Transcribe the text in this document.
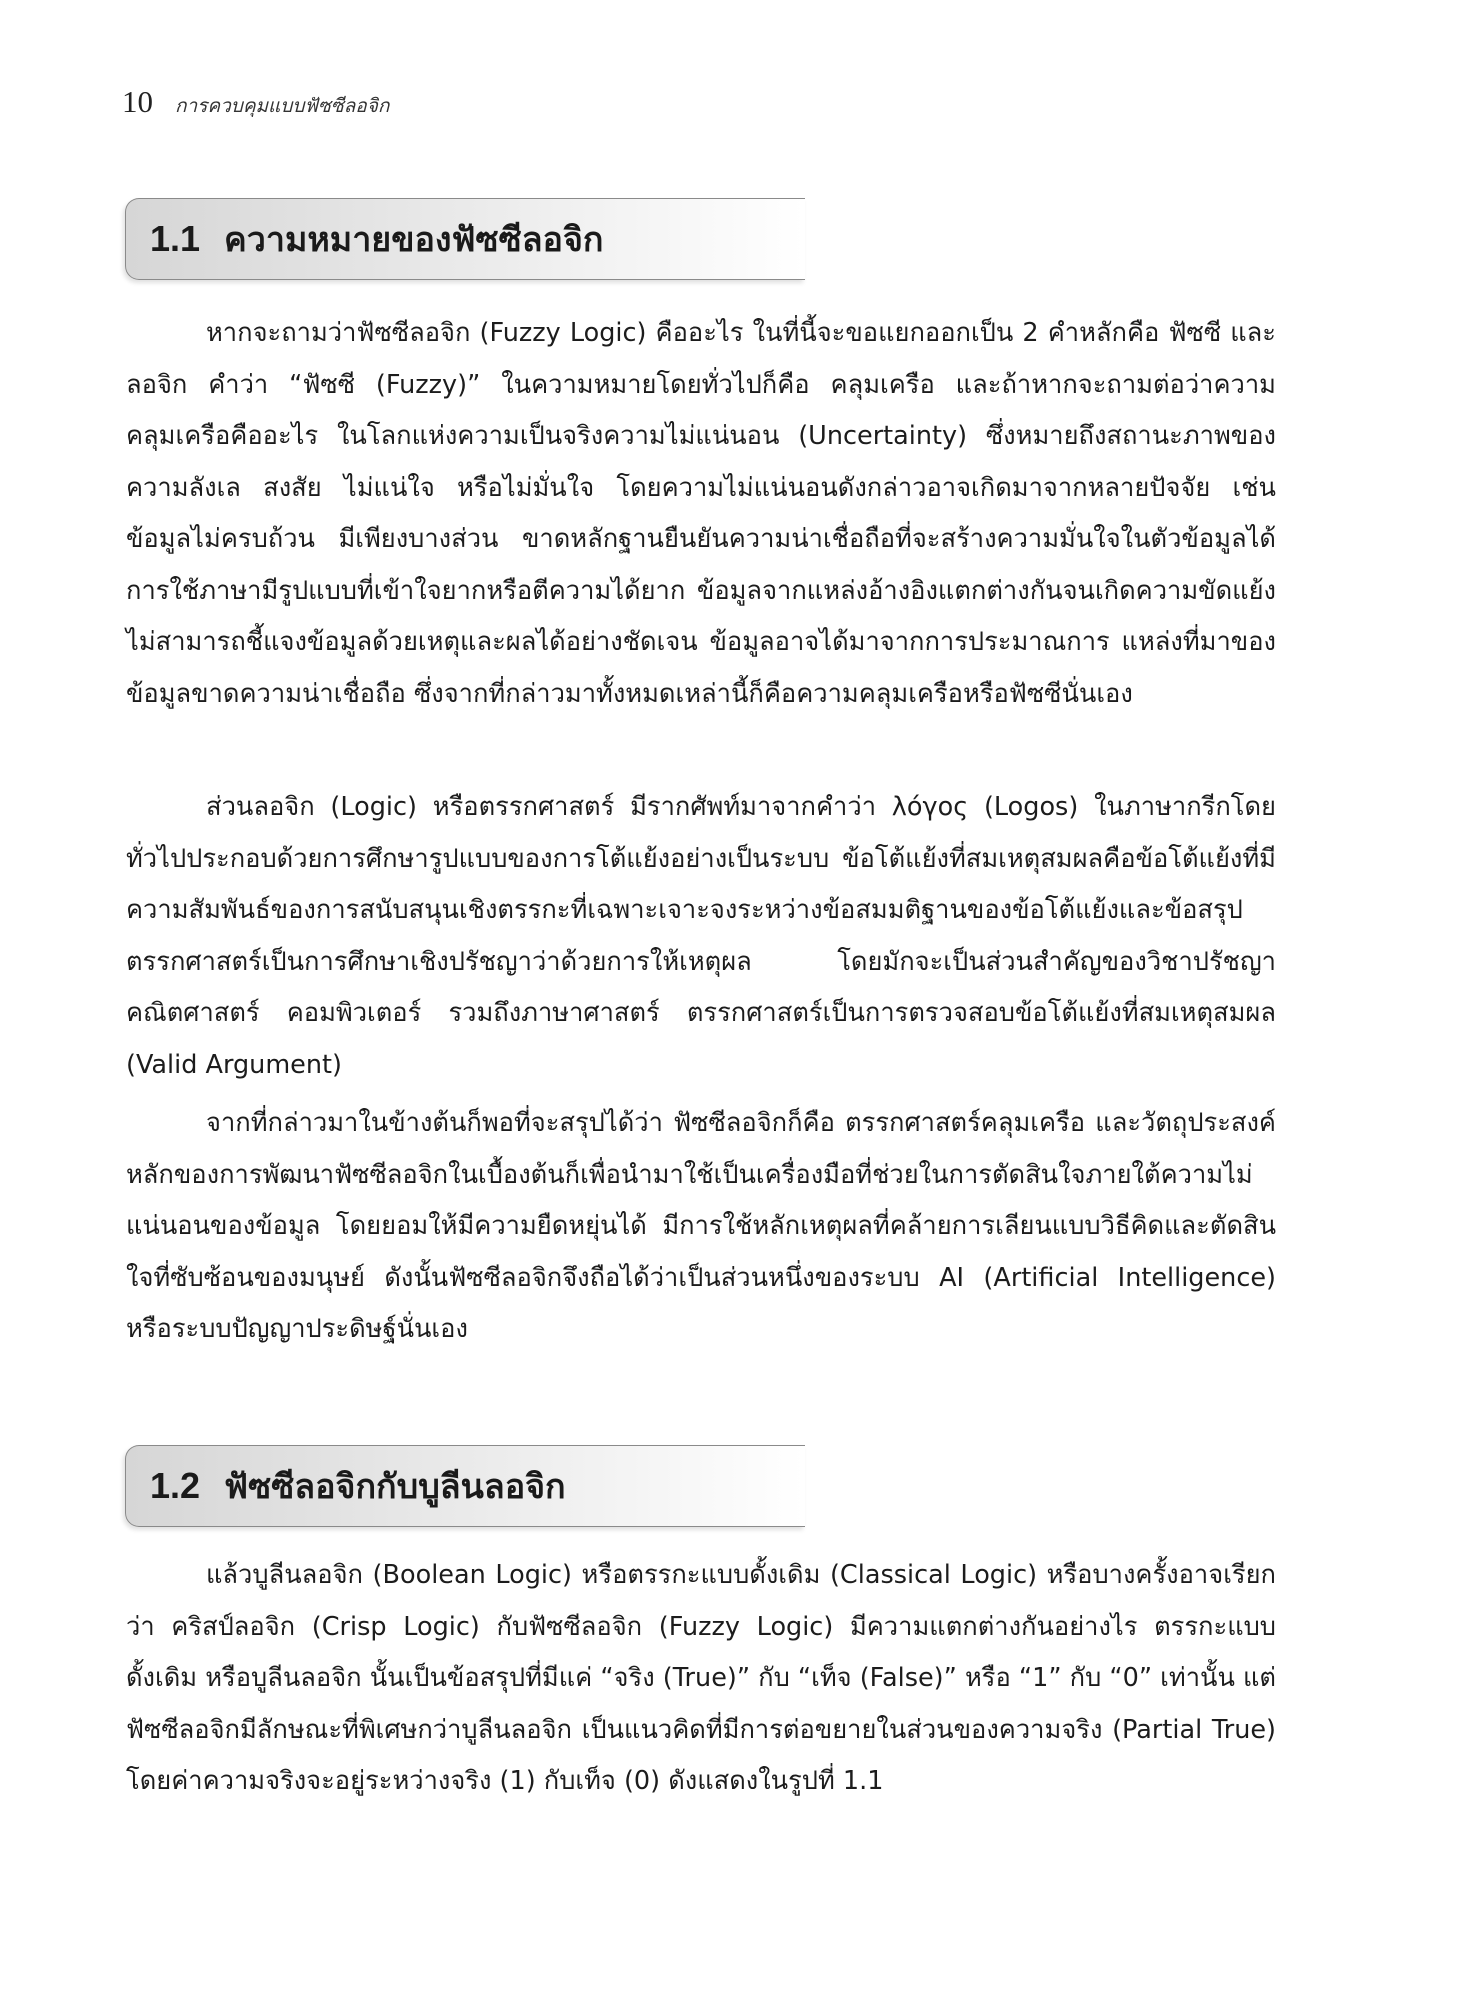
10 การควบคุมแบบฟัซซีลอจิก
1.1 ความหมายของฟัซซีลอจิก

หากจะถามว่าฟัซซีลอจิก (Fuzzy Logic) คืออะไร ในที่นี้จะขอแยกออกเป็น 2 คำหลักคือ ฟัซซี และลอจิก คำว่า “ฟัซซี (Fuzzy)” ในความหมายโดยทั่วไปก็คือ คลุมเครือ และถ้าหากจะถามต่อว่าความคลุมเครือคืออะไร ในโลกแห่งความเป็นจริงความไม่แน่นอน (Uncertainty) ซึ่งหมายถึงสถานะภาพของความลังเล สงสัย ไม่แน่ใจ หรือไม่มั่นใจ โดยความไม่แน่นอนดังกล่าวอาจเกิดมาจากหลายปัจจัย เช่น ข้อมูลไม่ครบถ้วน มีเพียงบางส่วน ขาดหลักฐานยืนยันความน่าเชื่อถือที่จะสร้างความมั่นใจในตัวข้อมูลได้ การใช้ภาษามีรูปแบบที่เข้าใจยากหรือตีความได้ยาก ข้อมูลจากแหล่งอ้างอิงแตกต่างกันจนเกิดความขัดแย้ง ไม่สามารถชี้แจงข้อมูลด้วยเหตุและผลได้อย่างชัดเจน ข้อมูลอาจได้มาจากการประมาณการ แหล่งที่มาของข้อมูลขาดความน่าเชื่อถือ ซึ่งจากที่กล่าวมาทั้งหมดเหล่านี้ก็คือความคลุมเครือหรือฟัซซีนั่นเอง

ส่วนลอจิก (Logic) หรือตรรกศาสตร์ มีรากศัพท์มาจากคำว่า λόγος (Logos) ในภาษากรีกโดยทั่วไปประกอบด้วยการศึกษารูปแบบของการโต้แย้งอย่างเป็นระบบ ข้อโต้แย้งที่สมเหตุสมผลคือข้อโต้แย้งที่มีความสัมพันธ์ของการสนับสนุนเชิงตรรกะที่เฉพาะเจาะจงระหว่างข้อสมมติฐานของข้อโต้แย้งและข้อสรุป ตรรกศาสตร์เป็นการศึกษาเชิงปรัชญาว่าด้วยการให้เหตุผล โดยมักจะเป็นส่วนสำคัญของวิชาปรัชญา คณิตศาสตร์ คอมพิวเตอร์ รวมถึงภาษาศาสตร์ ตรรกศาสตร์เป็นการตรวจสอบข้อโต้แย้งที่สมเหตุสมผล (Valid Argument)

จากที่กล่าวมาในข้างต้นก็พอที่จะสรุปได้ว่า ฟัซซีลอจิกก็คือ ตรรกศาสตร์คลุมเครือ และวัตถุประสงค์หลักของการพัฒนาฟัซซีลอจิกในเบื้องต้นก็เพื่อนำมาใช้เป็นเครื่องมือที่ช่วยในการตัดสินใจภายใต้ความไม่แน่นอนของข้อมูล โดยยอมให้มีความยืดหยุ่นได้ มีการใช้หลักเหตุผลที่คล้ายการเลียนแบบวิธีคิดและตัดสินใจที่ซับซ้อนของมนุษย์ ดังนั้นฟัซซีลอจิกจึงถือได้ว่าเป็นส่วนหนึ่งของระบบ AI (Artificial Intelligence) หรือระบบปัญญาประดิษฐ์นั่นเอง

1.2 ฟัซซีลอจิกกับบูลีนลอจิก

แล้วบูลีนลอจิก (Boolean Logic) หรือตรรกะแบบดั้งเดิม (Classical Logic) หรือบางครั้งอาจเรียกว่า คริสป์ลอจิก (Crisp Logic) กับฟัซซีลอจิก (Fuzzy Logic) มีความแตกต่างกันอย่างไร ตรรกะแบบดั้งเดิม หรือบูลีนลอจิก นั้นเป็นข้อสรุปที่มีแค่ “จริง (True)” กับ “เท็จ (False)” หรือ “1” กับ “0” เท่านั้น แต่ฟัซซีลอจิกมีลักษณะที่พิเศษกว่าบูลีนลอจิก เป็นแนวคิดที่มีการต่อขยายในส่วนของความจริง (Partial True) โดยค่าความจริงจะอยู่ระหว่างจริง (1) กับเท็จ (0) ดังแสดงในรูปที่ 1.1
